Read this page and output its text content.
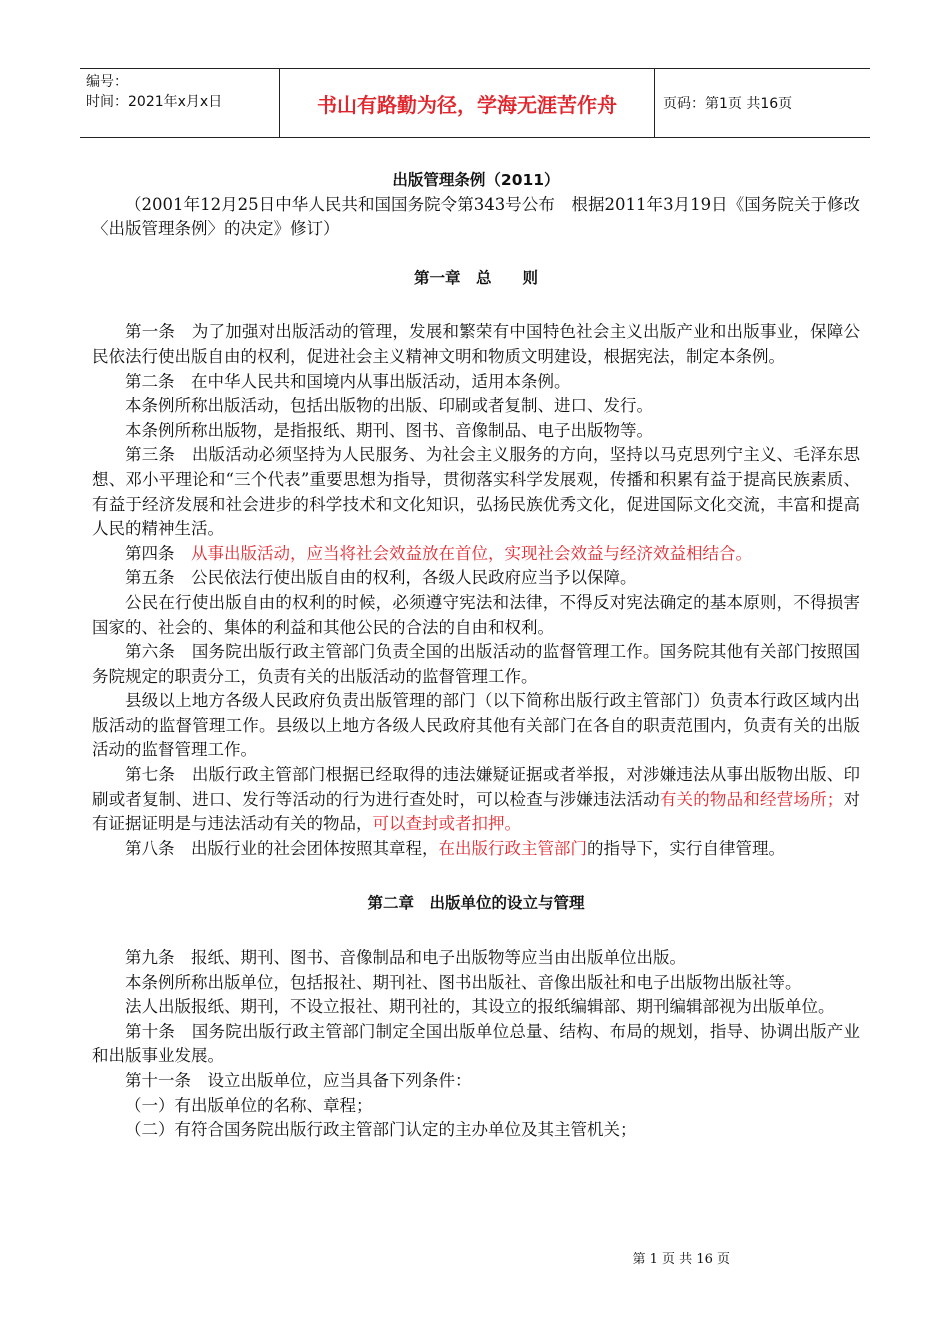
编号：
时间：2021年x月x日	书山有路勤为径，学海无涯苦作舟	页码：第1页 共16页
出版管理条例（2011）

（2001年12月25日中华人民共和国国务院令第343号公布　根据2011年3月19日《国务院关于修改〈出版管理条例〉的决定》修订）

第一章　总　　则

第一条　为了加强对出版活动的管理，发展和繁荣有中国特色社会主义出版产业和出版事业，保障公民依法行使出版自由的权利，促进社会主义精神文明和物质文明建设，根据宪法，制定本条例。

第二条　在中华人民共和国境内从事出版活动，适用本条例。

本条例所称出版活动，包括出版物的出版、印刷或者复制、进口、发行。

本条例所称出版物，是指报纸、期刊、图书、音像制品、电子出版物等。

第三条　出版活动必须坚持为人民服务、为社会主义服务的方向，坚持以马克思列宁主义、毛泽东思想、邓小平理论和“三个代表”重要思想为指导，贯彻落实科学发展观，传播和积累有益于提高民族素质、有益于经济发展和社会进步的科学技术和文化知识，弘扬民族优秀文化，促进国际文化交流，丰富和提高人民的精神生活。

第四条　从事出版活动，应当将社会效益放在首位，实现社会效益与经济效益相结合。

第五条　公民依法行使出版自由的权利，各级人民政府应当予以保障。

公民在行使出版自由的权利的时候，必须遵守宪法和法律，不得反对宪法确定的基本原则，不得损害国家的、社会的、集体的利益和其他公民的合法的自由和权利。

第六条　国务院出版行政主管部门负责全国的出版活动的监督管理工作。国务院其他有关部门按照国务院规定的职责分工，负责有关的出版活动的监督管理工作。

县级以上地方各级人民政府负责出版管理的部门（以下简称出版行政主管部门）负责本行政区域内出版活动的监督管理工作。县级以上地方各级人民政府其他有关部门在各自的职责范围内，负责有关的出版活动的监督管理工作。

第七条　出版行政主管部门根据已经取得的违法嫌疑证据或者举报，对涉嫌违法从事出版物出版、印刷或者复制、进口、发行等活动的行为进行查处时，可以检查与涉嫌违法活动有关的物品和经营场所；对有证据证明是与违法活动有关的物品，可以查封或者扣押。

第八条　出版行业的社会团体按照其章程，在出版行政主管部门的指导下，实行自律管理。

第二章　出版单位的设立与管理

第九条　报纸、期刊、图书、音像制品和电子出版物等应当由出版单位出版。

本条例所称出版单位，包括报社、期刊社、图书出版社、音像出版社和电子出版物出版社等。

法人出版报纸、期刊，不设立报社、期刊社的，其设立的报纸编辑部、期刊编辑部视为出版单位。

第十条　国务院出版行政主管部门制定全国出版单位总量、结构、布局的规划，指导、协调出版产业和出版事业发展。

第十一条　设立出版单位，应当具备下列条件：

（一）有出版单位的名称、章程；

（二）有符合国务院出版行政主管部门认定的主办单位及其主管机关；

第 1 页 共 16 页
